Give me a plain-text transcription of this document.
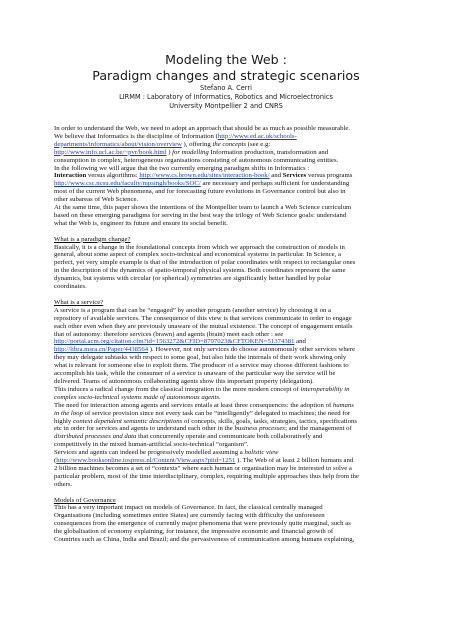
Modeling the Web :

Paradigm changes and strategic scenarios

Stefano A. Cerri

LIRMM : Laboratory of Informatics, Robotics and Microelectronics

University Montpellier 2 and CNRS

In order to understand the Web, we need to adopt an approach that should be as much as possible measurable.

We believe that Informatics is the discipline of Information (http://www.ed.ac.uk/schools-

departments/informatics/about/vision/overview ), offering the concepts (see e.g:

http://www.info.ucl.ac.be/~pvr/book.html ) for modelling Information production, transformation and

consumption in complex, heterogeneous organisations consisting of autonomous communicating entities.

In the following we will argue that the two currently emerging paradigm shifts in Informatics :

Interaction versus algorithms: http://www.cs.brown.edu/sites/interaction-book/ and Services versus programs

http://www.csc.ncsu.edu/faculty/mpsingh/books/SOC/ are necessary and perhaps sufficient for understanding

most of the current Web phenomena, and for forecasting future evolutions in Governance control but also in

other subareas of Web Science.

At the same time, this paper shows the intentions of the Montpellier team to launch a Web Science curriculum

based on these emerging paradigms for serving in the best way the trilogy of Web Science goals: understand

what the Web is, engineer its future and ensure its social benefit.

What is a paradigm change?

Basically, it is a change in the foundational concepts from which we approach the construction of models in

general, about some aspect of complex socio-technical and economical systems in particular. In Science, a

perfect, yet very simple example is that of the introduction of polar coordinates with respect to rectangular ones

in the description of the dynamics of spatio-temporal physical systems. Both coordinates represent the same

dynamics, but systems with circular (or spherical) symmetries are significantly better handled by polar

coordinates.

What is a service?

A service is a program that can be “engaged” by another program (another service) by choosing it on a

repository of available services. The consequence of this view is that services communicate in order to engage

each other even when they are previously unaware of the mutual existence. The concept of engagement entails

that of autonomy: therefore services (brawn) and agents (brain) meet each other : see

http://portal.acm.org/citation.cfm?id=1563272&CFID=8797023&CFTOKEN=51374381 and

http://libra.msra.cn/Paper/4438564 ). However, not only services do choose autonomously other services where

they may delegate subtasks with respect to some goal, but also hide the internals of their work showing only

what is relevant for someone else to exploit them. The producer of a service may choose different fashions to

accomplish his task, while the consumer of a service is unaware of the particular way the service will be

delivered. Teams of autonomous collaborating agents show this important property (delegation).

This induces a radical change from the classical integration to the more modern concept of interoperability in

complex socio-technical systems made of autonomous agents.

The need for interaction among agents and services entails at least three consequences: the adoption of humans

in the loop of service provision since not every task can be “intelligently” delegated to machines; the need for

highly context dependent semantic descriptions of concepts, skills, goals, tasks, strategies, tactics, specifications

etc in order for services and agents to understand each other in the business processes; and the management of

distributed processes and data that concurrently operate and communicate both collaboratively and

competitively in the mixed human-artificial socio-technical “organism”.

Services and agents can indeed be progressively modelled assuming a holistic view

(http://www.booksonline.iospress.nl/Content/View.aspx?piid=1251 ). The Web of at least 2 billion humans and

2 billion machines becomes a set of “contexts” where each human or organisation may be interested to solve a

particular problem, most of the time interdisciplinary, complex, requiring multiple approaches thus help from the

others.

Models of Governance

This has a very important impact on models of Governance. In fact, the classical centrally managed

Organisations (including sometimes entire States) are currently facing with difficulty the unforeseen

consequences from the emergence of currently major phenomena that were previously quite marginal, such as

the globalisation of economy explaining, for instance, the impressive economic and financial growth of

Countries such as China, India and Brazil; and the pervasiveness of communication among humans explaining,
